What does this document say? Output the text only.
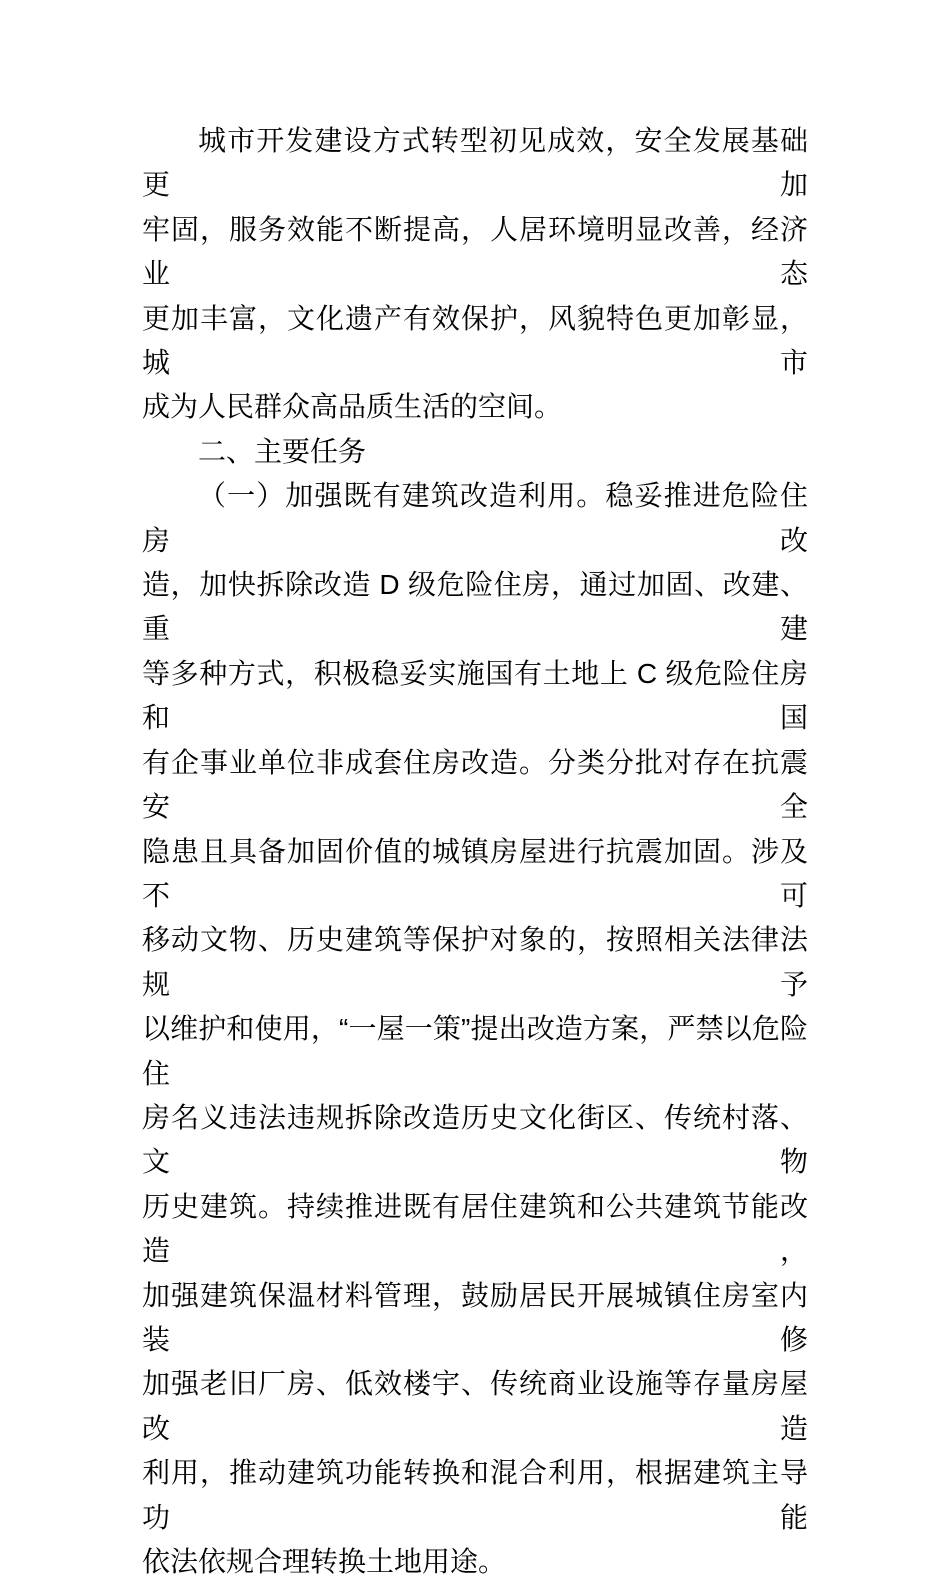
城市开发建设方式转型初见成效，安全发展基础更加
牢固，服务效能不断提高，人居环境明显改善，经济业态
更加丰富，文化遗产有效保护，风貌特色更加彰显，城市
成为人民群众高品质生活的空间。
二、主要任务
（一）加强既有建筑改造利用。稳妥推进危险住房改
造，加快拆除改造 D 级危险住房，通过加固、改建、重建
等多种方式，积极稳妥实施国有土地上 C 级危险住房和国
有企事业单位非成套住房改造。分类分批对存在抗震安全
隐患且具备加固价值的城镇房屋进行抗震加固。涉及不可
移动文物、历史建筑等保护对象的，按照相关法律法规予
以维护和使用，“一屋一策”提出改造方案，严禁以危险住
房名义违法违规拆除改造历史文化街区、传统村落、文物
历史建筑。持续推进既有居住建筑和公共建筑节能改造，
加强建筑保温材料管理，鼓励居民开展城镇住房室内装修
加强老旧厂房、低效楼宇、传统商业设施等存量房屋改造
利用，推动建筑功能转换和混合利用，根据建筑主导功能
依法依规合理转换土地用途。
